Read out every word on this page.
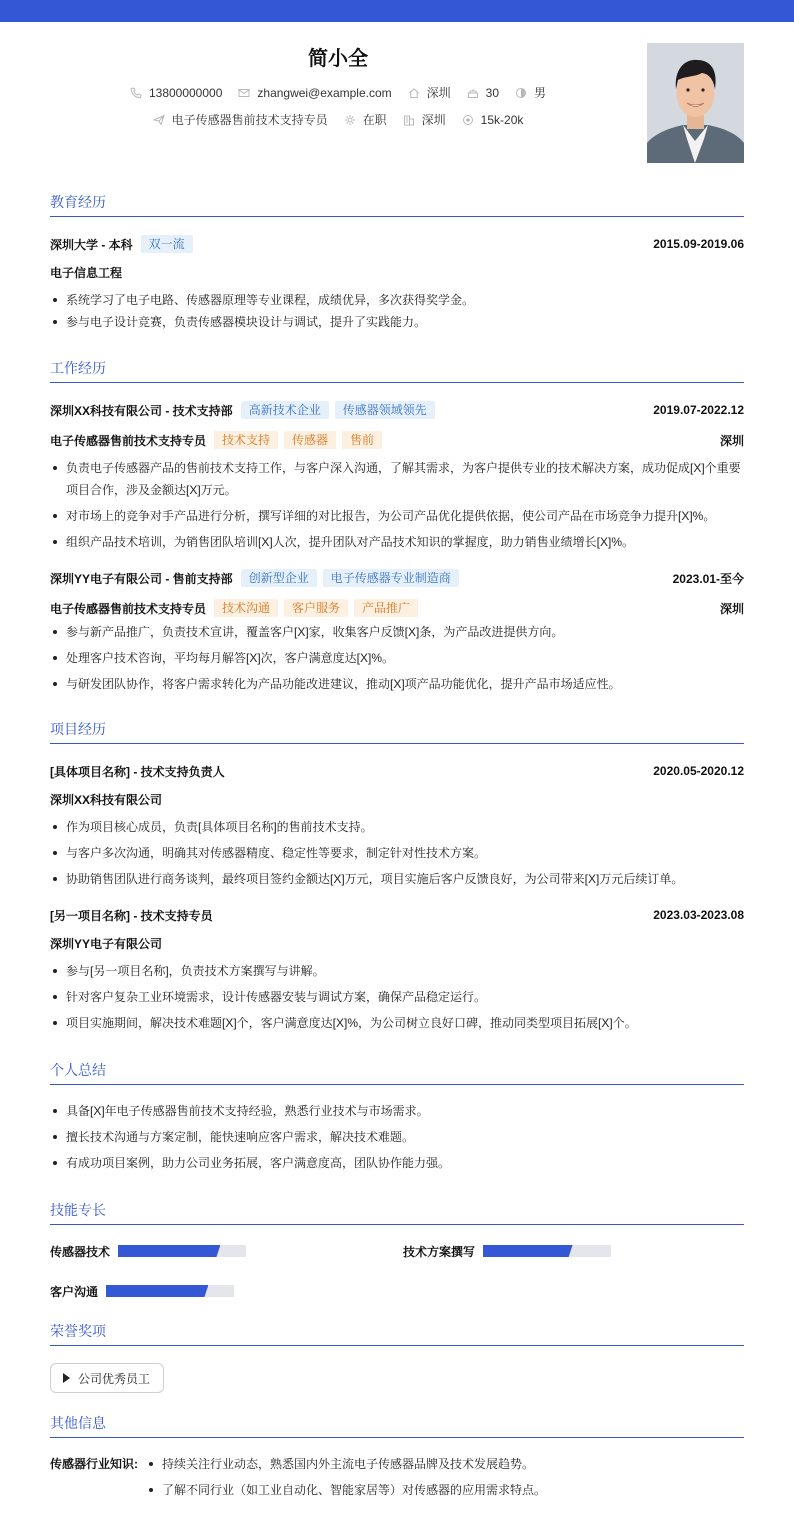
简小全
13800000000	zhangwei@example.com	深圳	30	男
电子传感器售前技术支持专员	在职	深圳	15k-20k
教育经历
深圳大学 - 本科	双一流	2015.09-2019.06
电子信息工程
系统学习了电子电路、传感器原理等专业课程，成绩优异，多次获得奖学金。
参与电子设计竞赛，负责传感器模块设计与调试，提升了实践能力。
工作经历
深圳XX科技有限公司 - 技术支持部	高新技术企业	传感器领域领先	2019.07-2022.12
电子传感器售前技术支持专员	技术支持	传感器	售前	深圳
负责电子传感器产品的售前技术支持工作，与客户深入沟通，了解其需求，为客户提供专业的技术解决方案，成功促成[X]个重要项目合作，涉及金额达[X]万元。
对市场上的竞争对手产品进行分析，撰写详细的对比报告，为公司产品优化提供依据，使公司产品在市场竞争力提升[X]%。
组织产品技术培训，为销售团队培训[X]人次，提升团队对产品技术知识的掌握度，助力销售业绩增长[X]%。
深圳YY电子有限公司 - 售前支持部	创新型企业	电子传感器专业制造商	2023.01-至今
电子传感器售前技术支持专员	技术沟通	客户服务	产品推广	深圳
参与新产品推广，负责技术宣讲，覆盖客户[X]家，收集客户反馈[X]条，为产品改进提供方向。
处理客户技术咨询，平均每月解答[X]次，客户满意度达[X]%。
与研发团队协作，将客户需求转化为产品功能改进建议，推动[X]项产品功能优化，提升产品市场适应性。
项目经历
[具体项目名称] - 技术支持负责人	2020.05-2020.12
深圳XX科技有限公司
作为项目核心成员，负责[具体项目名称]的售前技术支持。
与客户多次沟通，明确其对传感器精度、稳定性等要求，制定针对性技术方案。
协助销售团队进行商务谈判，最终项目签约金额达[X]万元，项目实施后客户反馈良好，为公司带来[X]万元后续订单。
[另一项目名称] - 技术支持专员	2023.03-2023.08
深圳YY电子有限公司
参与[另一项目名称]，负责技术方案撰写与讲解。
针对客户复杂工业环境需求，设计传感器安装与调试方案，确保产品稳定运行。
项目实施期间，解决技术难题[X]个，客户满意度达[X]%，为公司树立良好口碑，推动同类型项目拓展[X]个。
个人总结
具备[X]年电子传感器售前技术支持经验，熟悉行业技术与市场需求。
擅长技术沟通与方案定制，能快速响应客户需求，解决技术难题。
有成功项目案例，助力公司业务拓展，客户满意度高，团队协作能力强。
技能专长
传感器技术	技术方案撰写
客户沟通
荣誉奖项
公司优秀员工
其他信息
传感器行业知识:	持续关注行业动态，熟悉国内外主流电子传感器品牌及技术发展趋势。
了解不同行业（如工业自动化、智能家居等）对传感器的应用需求特点。
